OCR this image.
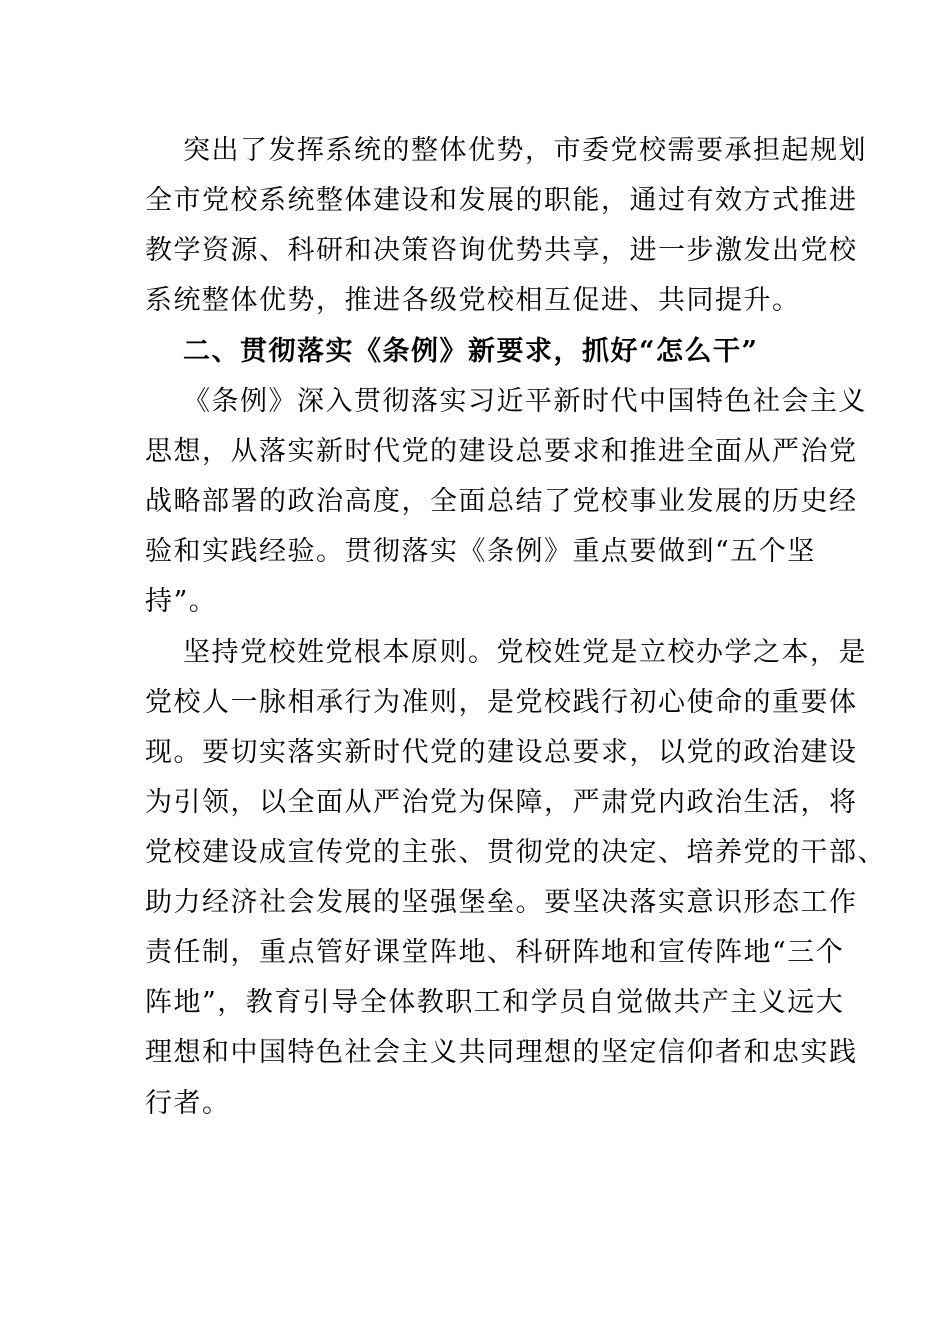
突出了发挥系统的整体优势，市委党校需要承担起规划
全市党校系统整体建设和发展的职能，通过有效方式推进
教学资源、科研和决策咨询优势共享，进一步激发出党校
系统整体优势，推进各级党校相互促进、共同提升。
二、贯彻落实《条例》新要求，抓好“怎么干”
《条例》深入贯彻落实习近平新时代中国特色社会主义
思想，从落实新时代党的建设总要求和推进全面从严治党
战略部署的政治高度，全面总结了党校事业发展的历史经
验和实践经验。贯彻落实《条例》重点要做到“五个坚
持”。
坚持党校姓党根本原则。党校姓党是立校办学之本，是
党校人一脉相承行为准则，是党校践行初心使命的重要体
现。要切实落实新时代党的建设总要求，以党的政治建设
为引领，以全面从严治党为保障，严肃党内政治生活，将
党校建设成宣传党的主张、贯彻党的决定、培养党的干部、
助力经济社会发展的坚强堡垒。要坚决落实意识形态工作
责任制，重点管好课堂阵地、科研阵地和宣传阵地“三个
阵地”，教育引导全体教职工和学员自觉做共产主义远大
理想和中国特色社会主义共同理想的坚定信仰者和忠实践
行者。
